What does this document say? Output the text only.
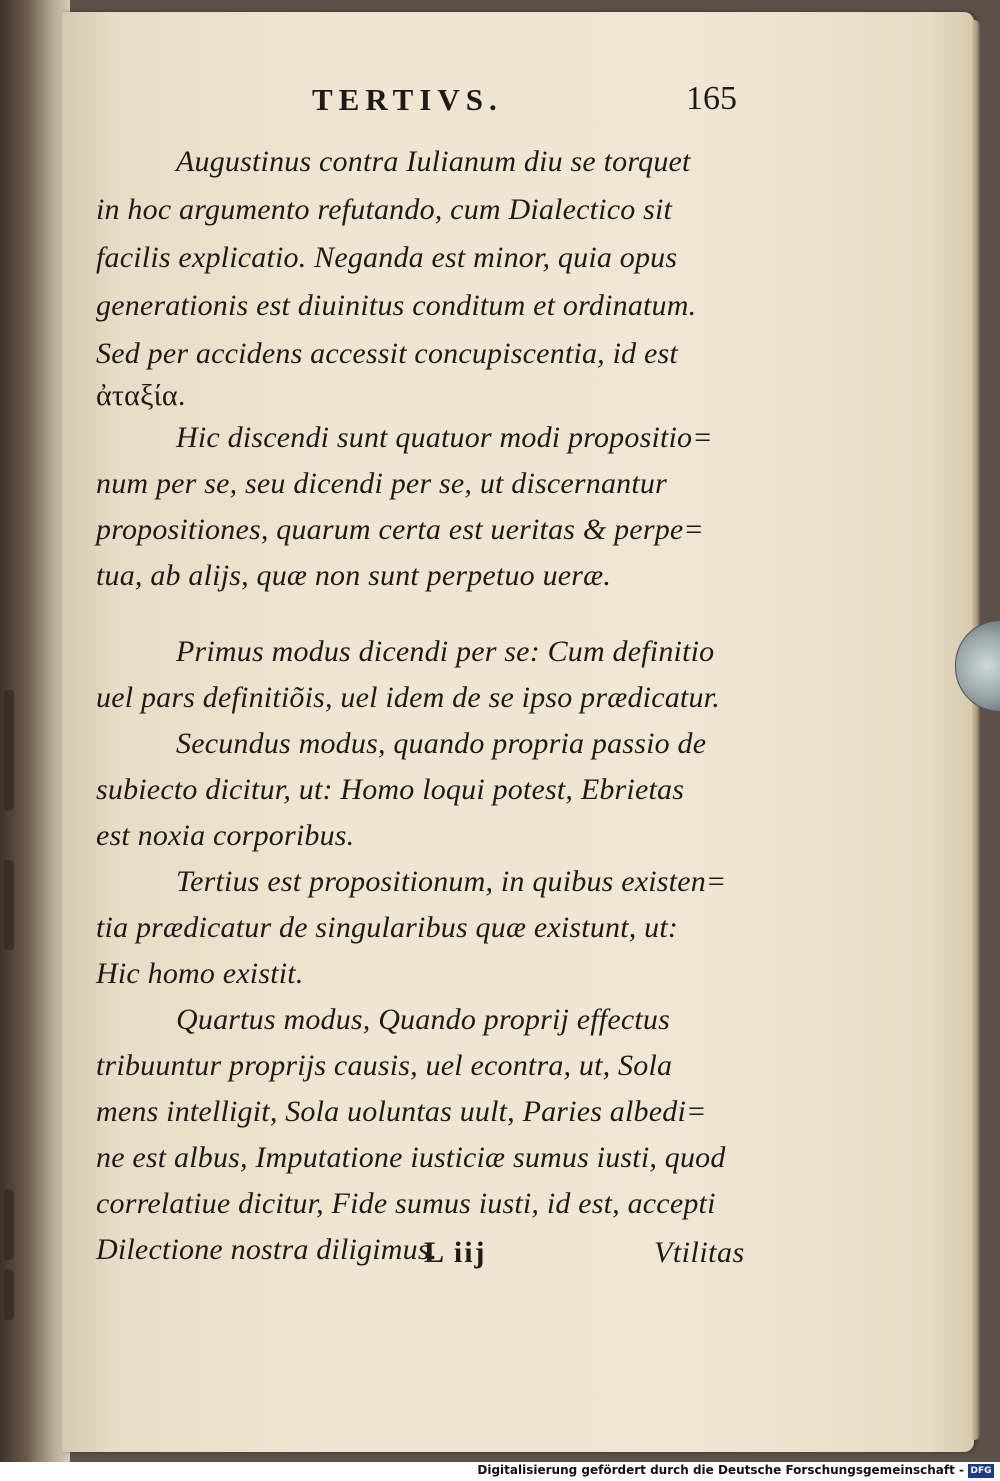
TERTIVS.	165
Augustinus contra Iulianum diu se torquet
in hoc argumento refutando, cum Dialectico sit
facilis explicatio. Neganda est minor, quia opus
generationis est diuinitus conditum et ordinatum.
Sed per accidens accessit concupiscentia, id est
ἀταξία.
Hic discendi sunt quatuor modi propositio=
num per se, seu dicendi per se, ut discernantur
propositiones, quarum certa est ueritas & perpe=
tua, ab alijs, quæ non sunt perpetuo ueræ.
Primus modus dicendi per se: Cum definitio
uel pars definitiõis, uel idem de se ipso prædicatur.
Secundus modus, quando propria passio de
subiecto dicitur, ut: Homo loqui potest, Ebrietas
est noxia corporibus.
Tertius est propositionum, in quibus existen=
tia prædicatur de singularibus quæ existunt, ut:
Hic homo existit.
Quartus modus, Quando proprij effectus
tribuuntur proprijs causis, uel econtra, ut, Sola
mens intelligit, Sola uoluntas uult, Paries albedi=
ne est albus, Imputatione iusticiæ sumus iusti, quod
correlatiue dicitur, Fide sumus iusti, id est, accepti
Dilectione nostra diligimus.
L iij	Vtilitas
Digitalisierung gefördert durch die Deutsche Forschungsgemeinschaft - DFG
